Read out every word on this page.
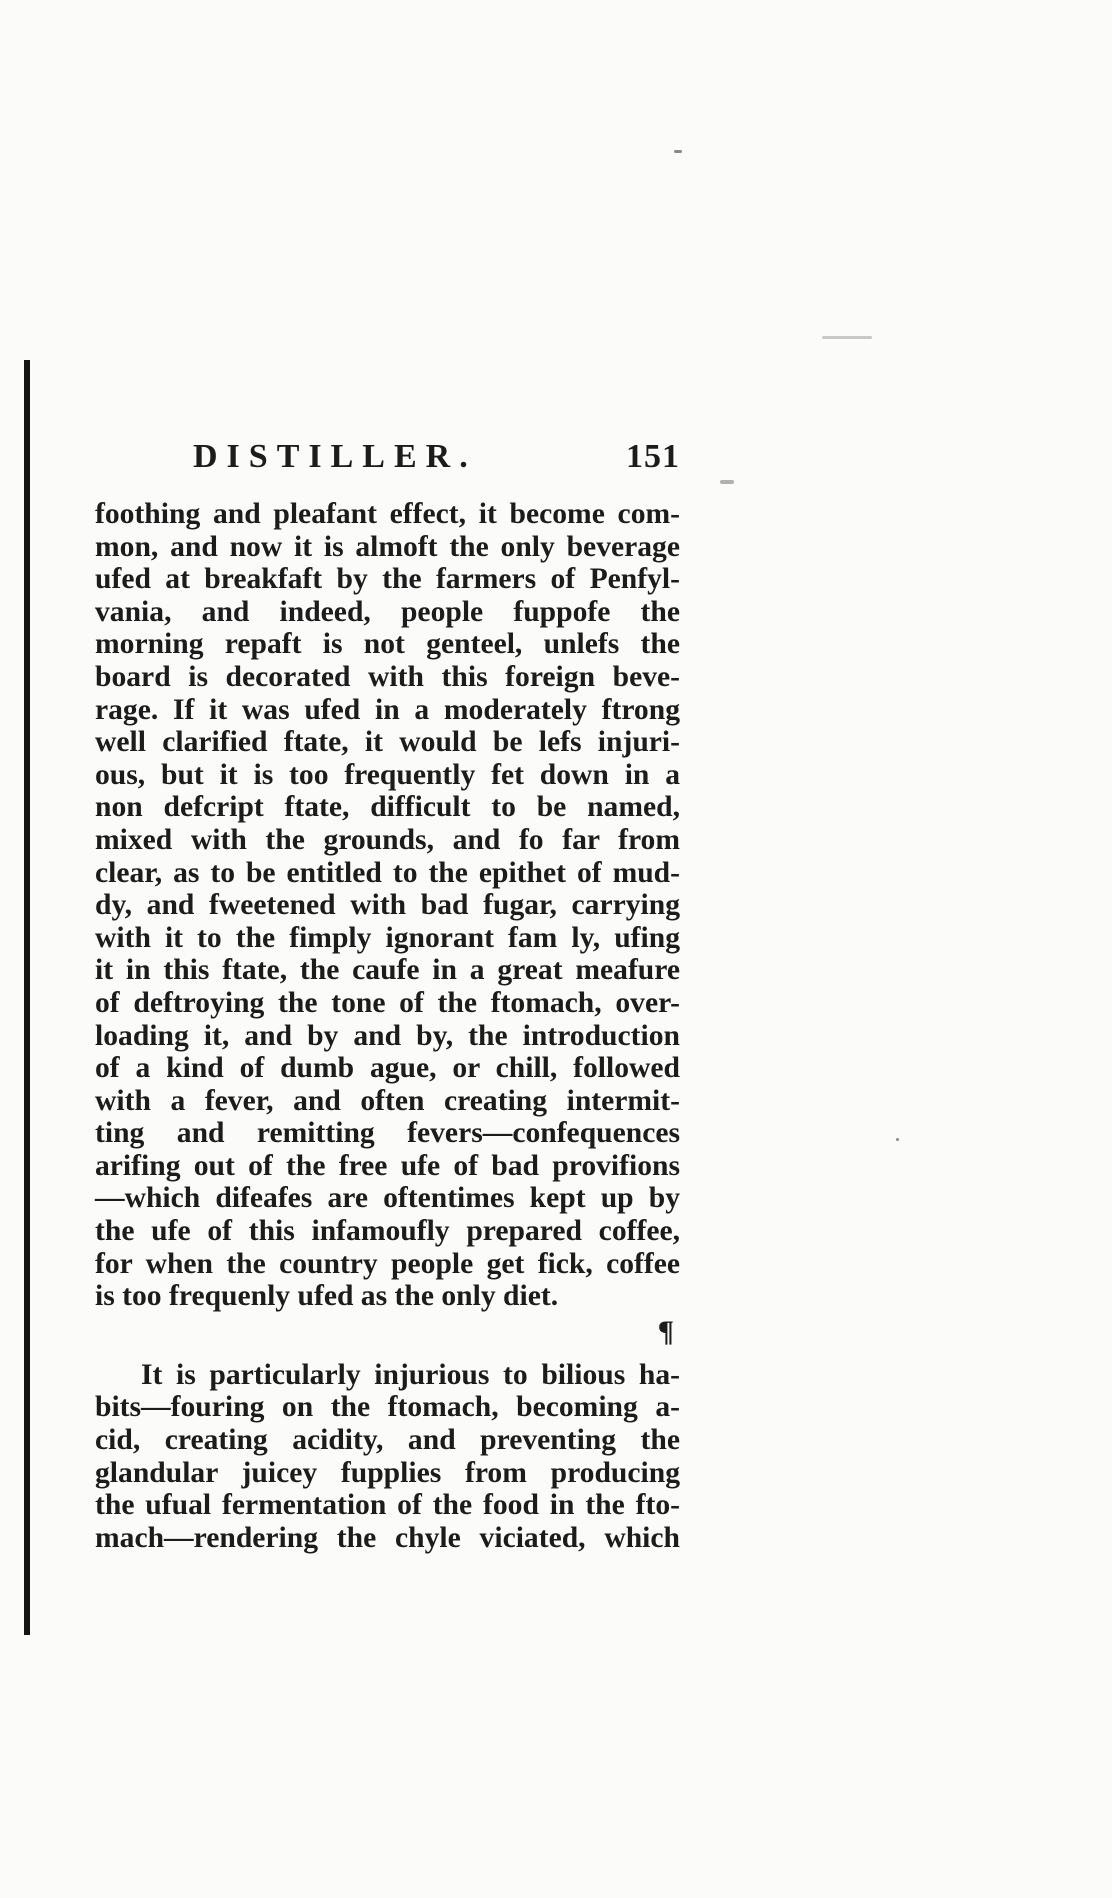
DISTILLER.	151

foothing and pleafant effect, it become com-
mon, and now it is almoft the only beverage
ufed at breakfaft by the farmers of Penfyl-
vania, and indeed, people fuppofe the
morning repaft is not genteel, unlefs the
board is decorated with this foreign beve-
rage. If it was ufed in a moderately ftrong
well clarified ftate, it would be lefs injuri-
ous, but it is too frequently fet down in a
non defcript ftate, difficult to be named,
mixed with the grounds, and fo far from
clear, as to be entitled to the epithet of mud-
dy, and fweetened with bad fugar, carrying
with it to the fimply ignorant fam ly, ufing
it in this ftate, the caufe in a great meafure
of deftroying the tone of the ftomach, over-
loading it, and by and by, the introduction
of a kind of dumb ague, or chill, followed
with a fever, and often creating intermit-
ting and remitting fevers—confequences
arifing out of the free ufe of bad provifions
—which difeafes are oftentimes kept up by
the ufe of this infamoufly prepared coffee,
for when the country people get fick, coffee
is too frequenly ufed as the only diet.

¶

It is particularly injurious to bilious ha-
bits—fouring on the ftomach, becoming a-
cid, creating acidity, and preventing the
glandular juicey fupplies from producing
the ufual fermentation of the food in the fto-
mach—rendering the chyle viciated, which
